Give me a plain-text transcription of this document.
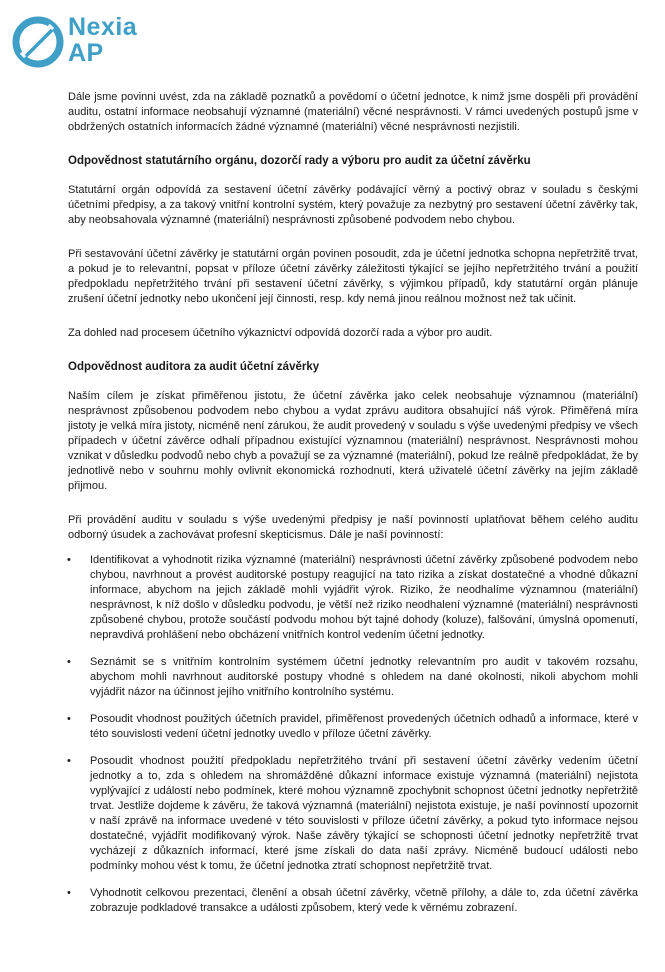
Nexia
AP

Dále jsme povinni uvést, zda na základě poznatků a povědomí o účetní jednotce, k nimž jsme dospěli při provádění auditu, ostatní informace neobsahují významné (materiální) věcné nesprávnosti. V rámci uvedených postupů jsme v obdržených ostatních informacích žádné významné (materiální) věcné nesprávnosti nezjistili.

Odpovědnost statutárního orgánu, dozorčí rady a výboru pro audit za účetní závěrku

Statutární orgán odpovídá za sestavení účetní závěrky podávající věrný a poctivý obraz v souladu s českými účetními předpisy, a za takový vnitřní kontrolní systém, který považuje za nezbytný pro sestavení účetní závěrky tak, aby neobsahovala významné (materiální) nesprávnosti způsobené podvodem nebo chybou.

Při sestavování účetní závěrky je statutární orgán povinen posoudit, zda je účetní jednotka schopna nepřetržitě trvat, a pokud je to relevantní, popsat v příloze účetní závěrky záležitosti týkající se jejího nepřetržitého trvání a použití předpokladu nepřetržitého trvání při sestavení účetní závěrky, s výjimkou případů, kdy statutární orgán plánuje zrušení účetní jednotky nebo ukončení její činnosti, resp. kdy nemá jinou reálnou možnost než tak učinit.

Za dohled nad procesem účetního výkaznictví odpovídá dozorčí rada a výbor pro audit.

Odpovědnost auditora za audit účetní závěrky

Naším cílem je získat přiměřenou jistotu, že účetní závěrka jako celek neobsahuje významnou (materiální) nesprávnost způsobenou podvodem nebo chybou a vydat zprávu auditora obsahující náš výrok. Přiměřená míra jistoty je velká míra jistoty, nicméně není zárukou, že audit provedený v souladu s výše uvedenými předpisy ve všech případech v účetní závěrce odhalí případnou existující významnou (materiální) nesprávnost. Nesprávnosti mohou vznikat v důsledku podvodů nebo chyb a považují se za významné (materiální), pokud lze reálně předpokládat, že by jednotlivě nebo v souhrnu mohly ovlivnit ekonomická rozhodnutí, která uživatelé účetní závěrky na jejím základě přijmou.

Při provádění auditu v souladu s výše uvedenými předpisy je naší povinností uplatňovat během celého auditu odborný úsudek a zachovávat profesní skepticismus. Dále je naší povinností:

• Identifikovat a vyhodnotit rizika významné (materiální) nesprávnosti účetní závěrky způsobené podvodem nebo chybou, navrhnout a provést auditorské postupy reagující na tato rizika a získat dostatečné a vhodné důkazní informace, abychom na jejich základě mohli vyjádřit výrok. Riziko, že neodhalíme významnou (materiální) nesprávnost, k níž došlo v důsledku podvodu, je větší než riziko neodhalení významné (materiální) nesprávnosti způsobené chybou, protože součástí podvodu mohou být tajné dohody (koluze), falšování, úmyslná opomenutí, nepravdivá prohlášení nebo obcházení vnitřních kontrol vedením účetní jednotky.
• Seznámit se s vnitřním kontrolním systémem účetní jednotky relevantním pro audit v takovém rozsahu, abychom mohli navrhnout auditorské postupy vhodné s ohledem na dané okolnosti, nikoli abychom mohli vyjádřit názor na účinnost jejího vnitřního kontrolního systému.
• Posoudit vhodnost použitých účetních pravidel, přiměřenost provedených účetních odhadů a informace, které v této souvislosti vedení účetní jednotky uvedlo v příloze účetní závěrky.
• Posoudit vhodnost použití předpokladu nepřetržitého trvání při sestavení účetní závěrky vedením účetní jednotky a to, zda s ohledem na shromážděné důkazní informace existuje významná (materiální) nejistota vyplývající z událostí nebo podmínek, které mohou významně zpochybnit schopnost účetní jednotky nepřetržitě trvat. Jestliže dojdeme k závěru, že taková významná (materiální) nejistota existuje, je naší povinností upozornit v naší zprávě na informace uvedené v této souvislosti v příloze účetní závěrky, a pokud tyto informace nejsou dostatečné, vyjádřit modifikovaný výrok. Naše závěry týkající se schopnosti účetní jednotky nepřetržitě trvat vycházejí z důkazních informací, které jsme získali do data naší zprávy. Nicméně budoucí události nebo podmínky mohou vést k tomu, že účetní jednotka ztratí schopnost nepřetržitě trvat.
• Vyhodnotit celkovou prezentaci, členění a obsah účetní závěrky, včetně přílohy, a dále to, zda účetní závěrka zobrazuje podkladové transakce a události způsobem, který vede k věrnému zobrazení.
